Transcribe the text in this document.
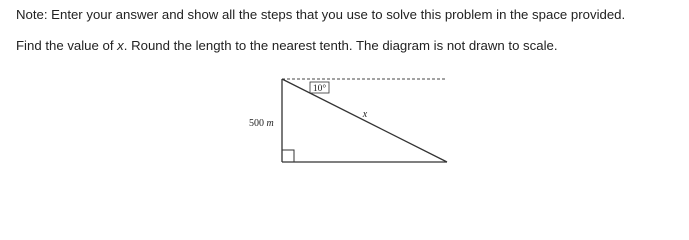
Note: Enter your answer and show all the steps that you use to solve this problem in the space provided.
Find the value of x. Round the length to the nearest tenth. The diagram is not drawn to scale.
10°
x
500 m
